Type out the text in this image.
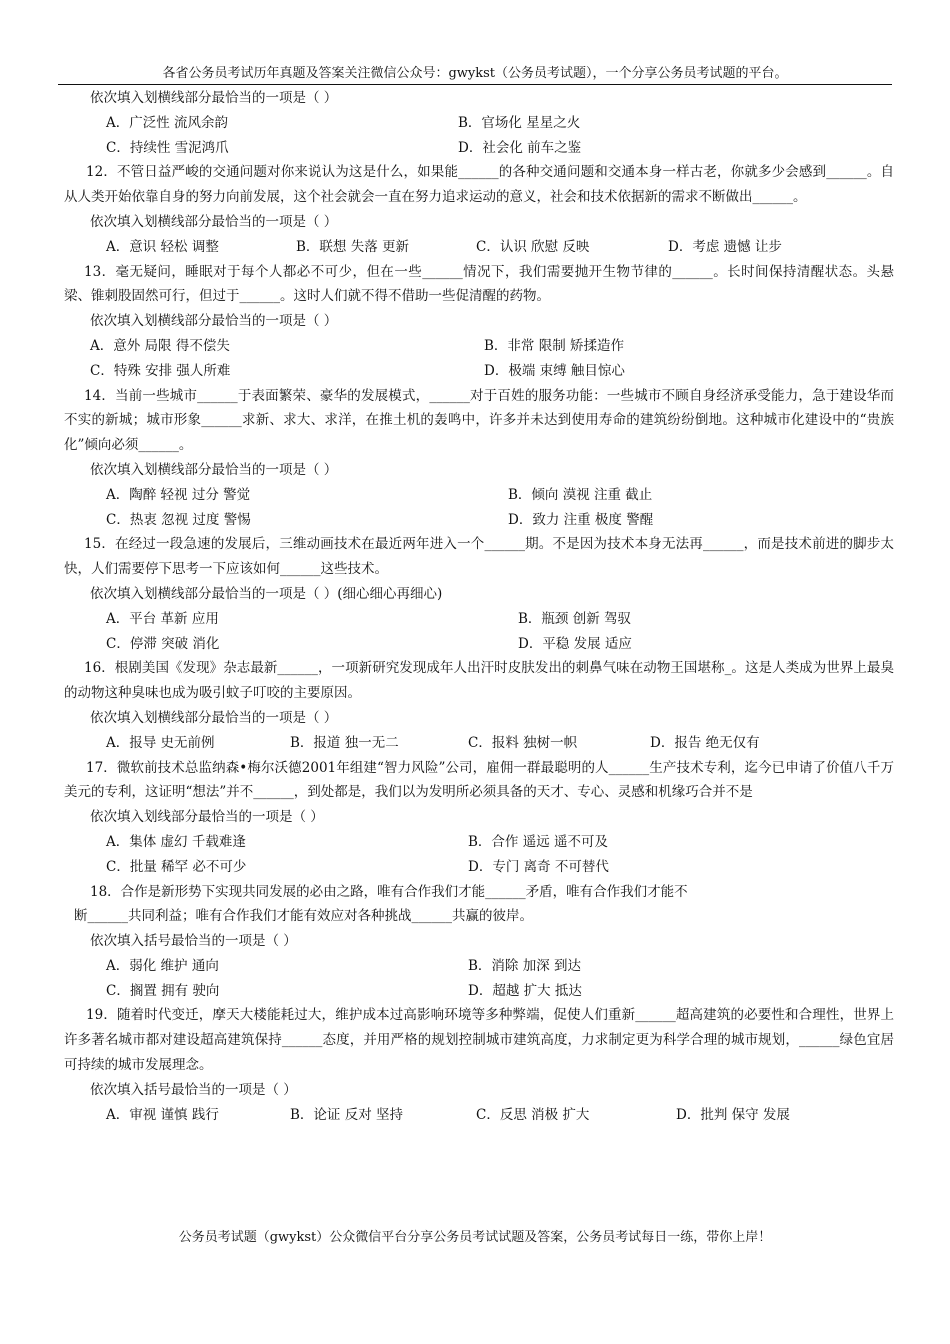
各省公务员考试历年真题及答案关注微信公众号：gwykst（公务员考试题），一个分享公务员考试题的平台。
依次填入划横线部分最恰当的一项是（ ）
A．广泛性 流风余韵	B．官场化 星星之火
C．持续性 雪泥鸿爪	D．社会化 前车之鉴
12．不管日益严峻的交通问题对你来说认为这是什么，如果能______的各种交通问题和交通本身一样古老，你就多少会感到______。自从人类开始依靠自身的努力向前发展，这个社会就会一直在努力追求运动的意义，社会和技术依据新的需求不断做出______。
依次填入划横线部分最恰当的一项是（ ）
A．意识 轻松 调整	B．联想 失落 更新	C．认识 欣慰 反映	D．考虑 遗憾 让步
13．毫无疑问，睡眠对于每个人都必不可少，但在一些______情况下，我们需要抛开生物节律的______。长时间保持清醒状态。头悬梁、锥刺股固然可行，但过于______。这时人们就不得不借助一些促清醒的药物。
依次填入划横线部分最恰当的一项是（ ）
A．意外 局限 得不偿失	B．非常 限制 矫揉造作
C．特殊 安排 强人所难	D．极端 束缚 触目惊心
14．当前一些城市______于表面繁荣、豪华的发展模式，______对于百姓的服务功能：一些城市不顾自身经济承受能力，急于建设华而不实的新城；城市形象______求新、求大、求洋，在推土机的轰鸣中，许多并未达到使用寿命的建筑纷纷倒地。这种城市化建设中的“贵族化”倾向必须______。
依次填入划横线部分最恰当的一项是（ ）
A．陶醉 轻视 过分 警觉	B．倾向 漠视 注重 截止
C．热衷 忽视 过度 警惕	D．致力 注重 极度 警醒
15．在经过一段急速的发展后，三维动画技术在最近两年进入一个______期。不是因为技术本身无法再______，而是技术前进的脚步太快，人们需要停下思考一下应该如何______这些技术。
依次填入划横线部分最恰当的一项是（ ）(细心细心再细心)
A．平台 革新 应用	B．瓶颈 创新 驾驭
C．停滞 突破 消化	D．平稳 发展 适应
16．根剧美国《发现》杂志最新______，一项新研究发现成年人出汗时皮肤发出的刺鼻气味在动物王国堪称_。这是人类成为世界上最臭的动物这种臭味也成为吸引蚊子叮咬的主要原因。
依次填入划横线部分最恰当的一项是（ ）
A．报导 史无前例	B．报道 独一无二	C．报料 独树一帜	D．报告 绝无仅有
17．微软前技术总监纳森•梅尔沃德2001年组建“智力风险”公司，雇佣一群最聪明的人______生产技术专利，迄今已申请了价值八千万美元的专利，这证明“想法”并不______，到处都是，我们以为发明所必须具备的天才、专心、灵感和机缘巧合并不是
依次填入划线部分最恰当的一项是（ ）
A．集体 虚幻 千载难逢	B．合作 遥远 遥不可及
C．批量 稀罕 必不可少	D．专门 离奇 不可替代
18．合作是新形势下实现共同发展的必由之路，唯有合作我们才能______矛盾，唯有合作我们才能不
断______共同利益；唯有合作我们才能有效应对各种挑战______共赢的彼岸。
依次填入括号最恰当的一项是（ ）
A．弱化 维护 通向	B．消除 加深 到达
C．搁置 拥有 驶向	D．超越 扩大 抵达
19．随着时代变迁，摩天大楼能耗过大，维护成本过高影响环境等多种弊端，促使人们重新______超高建筑的必要性和合理性，世界上许多著名城市都对建设超高建筑保持______态度，并用严格的规划控制城市建筑高度，力求制定更为科学合理的城市规划，______绿色宜居可持续的城市发展理念。
依次填入括号最恰当的一项是（ ）
A．审视 谨慎 践行	B．论证 反对 坚持	C．反思 消极 扩大	D．批判 保守 发展
公务员考试题（gwykst）公众微信平台分享公务员考试试题及答案，公务员考试每日一练，带你上岸！
